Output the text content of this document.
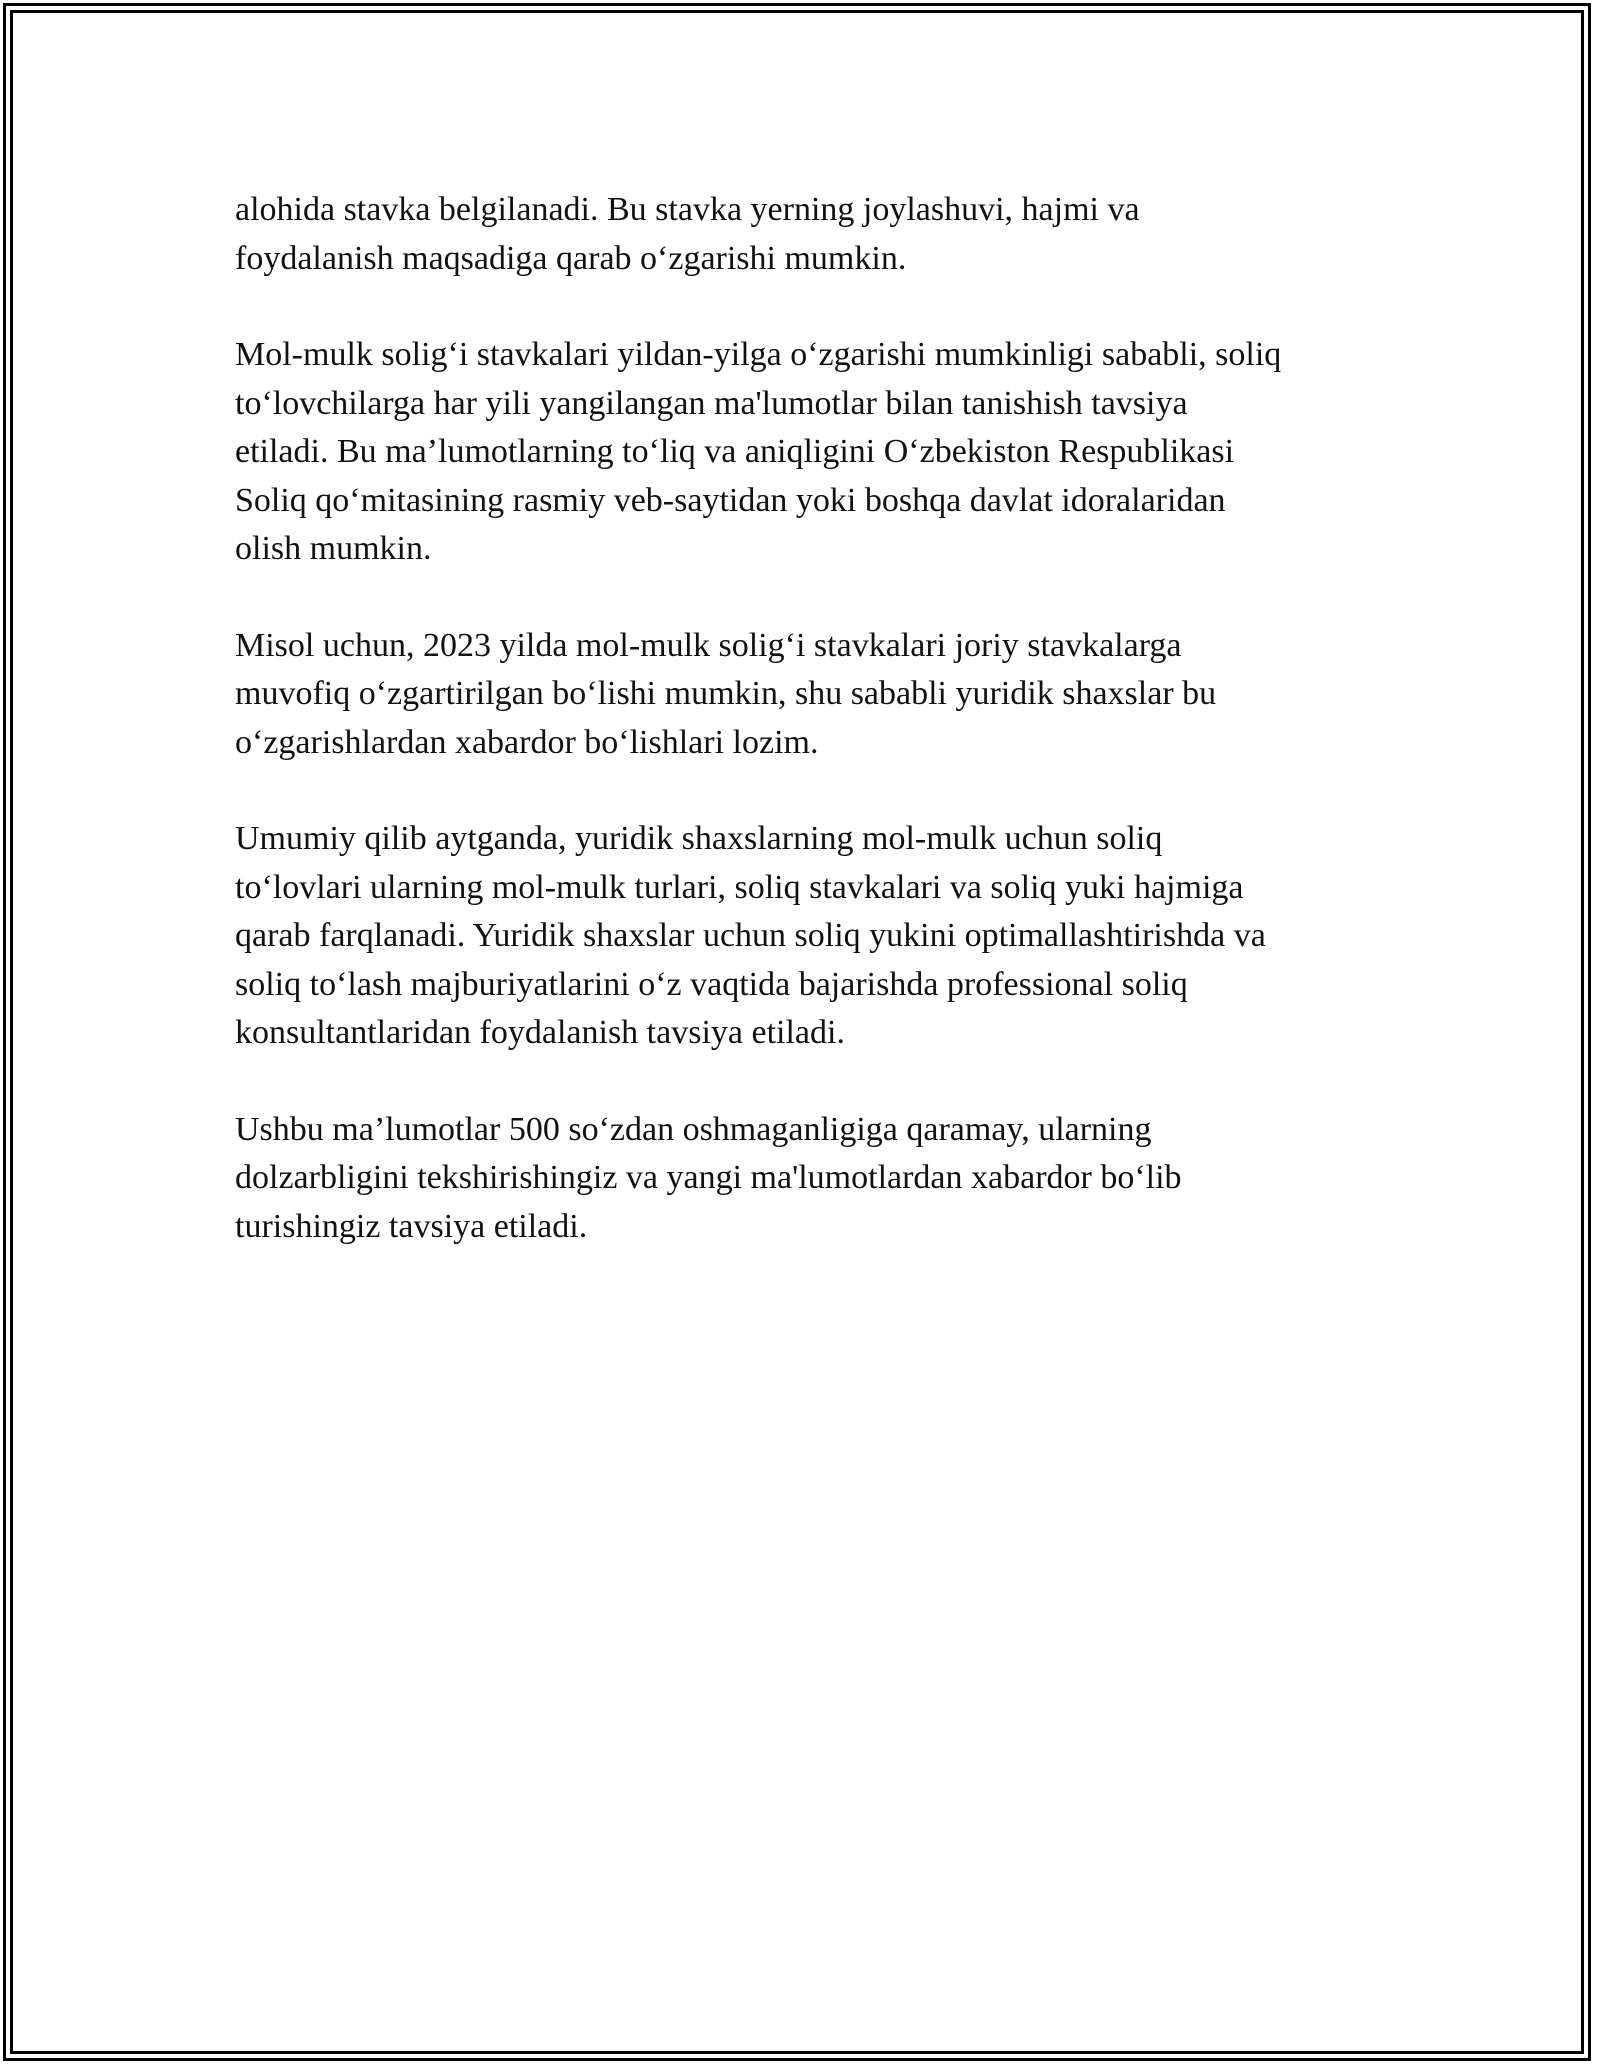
alohida stavka belgilanadi. Bu stavka yerning joylashuvi, hajmi va
foydalanish maqsadiga qarab o‘zgarishi mumkin.

Mol-mulk solig‘i stavkalari yildan-yilga o‘zgarishi mumkinligi sababli, soliq
to‘lovchilarga har yili yangilangan ma'lumotlar bilan tanishish tavsiya
etiladi. Bu ma’lumotlarning to‘liq va aniqligini O‘zbekiston Respublikasi
Soliq qo‘mitasining rasmiy veb-saytidan yoki boshqa davlat idoralaridan
olish mumkin.

Misol uchun, 2023 yilda mol-mulk solig‘i stavkalari joriy stavkalarga
muvofiq o‘zgartirilgan bo‘lishi mumkin, shu sababli yuridik shaxslar bu
o‘zgarishlardan xabardor bo‘lishlari lozim.

Umumiy qilib aytganda, yuridik shaxslarning mol-mulk uchun soliq
to‘lovlari ularning mol-mulk turlari, soliq stavkalari va soliq yuki hajmiga
qarab farqlanadi. Yuridik shaxslar uchun soliq yukini optimallashtirishda va
soliq to‘lash majburiyatlarini o‘z vaqtida bajarishda professional soliq
konsultantlaridan foydalanish tavsiya etiladi.

Ushbu ma’lumotlar 500 so‘zdan oshmaganligiga qaramay, ularning
dolzarbligini tekshirishingiz va yangi ma'lumotlardan xabardor bo‘lib
turishingiz tavsiya etiladi.
